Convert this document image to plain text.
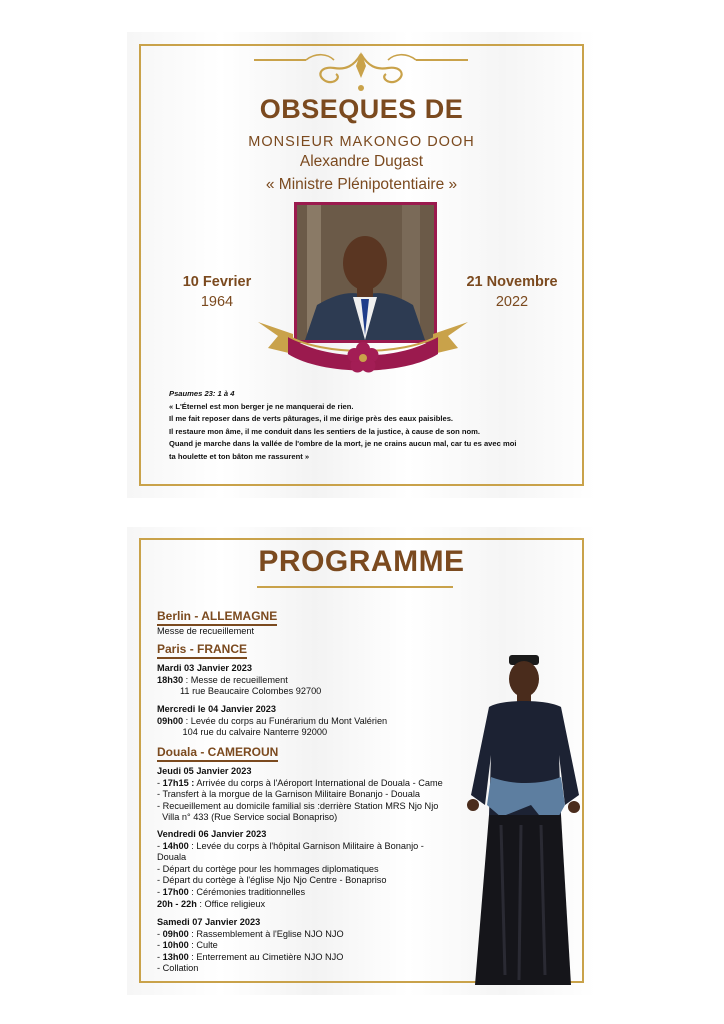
OBSEQUES DE
MONSIEUR MAKONGO DOOH
Alexandre Dugast
« Ministre Plénipotentiaire »
10 Fevrier
1964
21 Novembre
2022
Psaumes 23: 1 à 4
« L'Éternel est mon berger je ne manquerai de rien.
Il me fait reposer dans de verts pâturages, il me dirige près des eaux paisibles.
Il restaure mon âme, il me conduit dans les sentiers de la justice, à cause de son nom.
Quand je marche dans la vallée de l'ombre de la mort, je ne crains aucun mal, car tu es avec moi
ta houlette et ton bâton me rassurent »
PROGRAMME
Berlin - ALLEMAGNE
Messe de recueillement
Paris - FRANCE
Mardi 03 Janvier 2023
18h30 : Messe de recueillement
11 rue Beaucaire Colombes 92700
Mercredi le 04 Janvier 2023
09h00 : Levée du corps au Funérarium du Mont Valérien
104 rue du calvaire Nanterre 92000
Douala - CAMEROUN
Jeudi 05 Janvier 2023
- 17h15 : Arrivée du corps à l'Aéroport International de Douala - Came
- Transfert à la morgue de la Garnison Militaire Bonanjo - Douala
- Recueillement au domicile familial sis :derrière Station MRS Njo Njo
Villa n° 433 (Rue Service social Bonapriso)
Vendredi 06 Janvier 2023
- 14h00 : Levée du corps à l'hôpital Garnison Militaire à Bonanjo -
Douala
- Départ du cortège pour les hommages diplomatiques
- Départ du cortège à l'église Njo Njo Centre - Bonapriso
- 17h00 : Cérémonies traditionnelles
20h - 22h : Office religieux
Samedi 07 Janvier 2023
- 09h00 : Rassemblement à l'Eglise NJO NJO
- 10h00 : Culte
- 13h00 : Enterrement au Cimetière NJO NJO
- Collation
